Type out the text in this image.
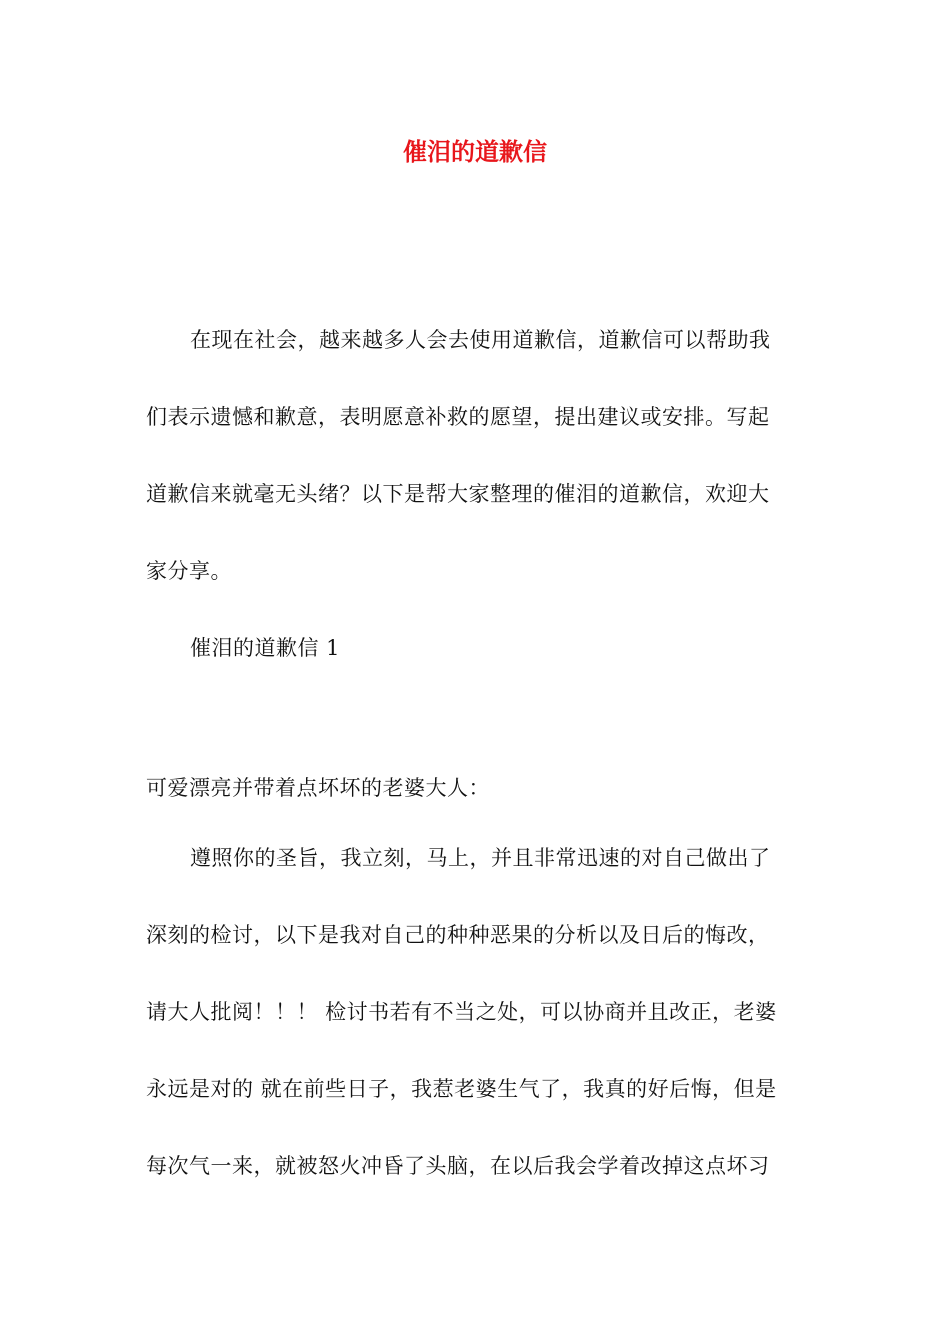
催泪的道歉信

在现在社会，越来越多人会去使用道歉信，道歉信可以帮助我
们表示遗憾和歉意，表明愿意补救的愿望，提出建议或安排。写起
道歉信来就毫无头绪？以下是帮大家整理的催泪的道歉信，欢迎大
家分享。

催泪的道歉信 1

可爱漂亮并带着点坏坏的老婆大人：

遵照你的圣旨，我立刻，马上，并且非常迅速的对自己做出了
深刻的检讨，以下是我对自己的种种恶果的分析以及日后的悔改，
请大人批阅！！！ 检讨书若有不当之处，可以协商并且改正，老婆
永远是对的 就在前些日子，我惹老婆生气了，我真的好后悔，但是
每次气一来，就被怒火冲昏了头脑，在以后我会学着改掉这点坏习
